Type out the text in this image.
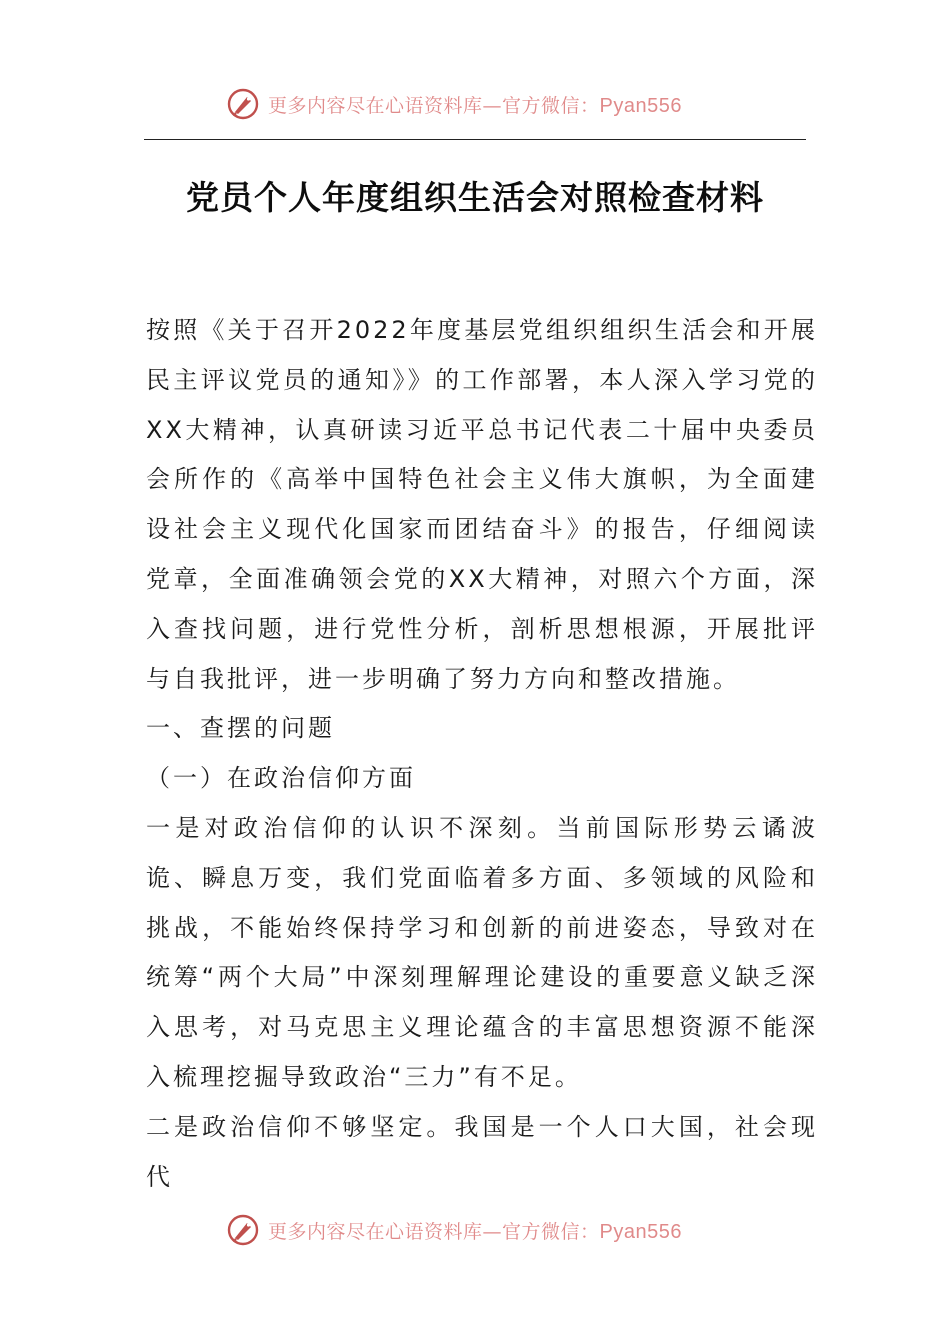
更多内容尽在心语资料库—官方微信：Pyan556
党员个人年度组织生活会对照检查材料

按照《关于召开2022年度基层党组织组织生活会和开展民主评议党员的通知》》的工作部署，本人深入学习党的XX大精神，认真研读习近平总书记代表二十届中央委员会所作的《高举中国特色社会主义伟大旗帜，为全面建设社会主义现代化国家而团结奋斗》的报告，仔细阅读党章，全面准确领会党的XX大精神，对照六个方面，深入查找问题，进行党性分析，剖析思想根源，开展批评与自我批评，进一步明确了努力方向和整改措施。

一、查摆的问题

（一）在政治信仰方面

一是对政治信仰的认识不深刻。当前国际形势云谲波诡、瞬息万变，我们党面临着多方面、多领域的风险和挑战，不能始终保持学习和创新的前进姿态，导致对在统筹“两个大局”中深刻理解理论建设的重要意义缺乏深入思考，对马克思主义理论蕴含的丰富思想资源不能深入梳理挖掘导致政治“三力”有不足。

二是政治信仰不够坚定。我国是一个人口大国，社会现代

更多内容尽在心语资料库—官方微信：Pyan556
